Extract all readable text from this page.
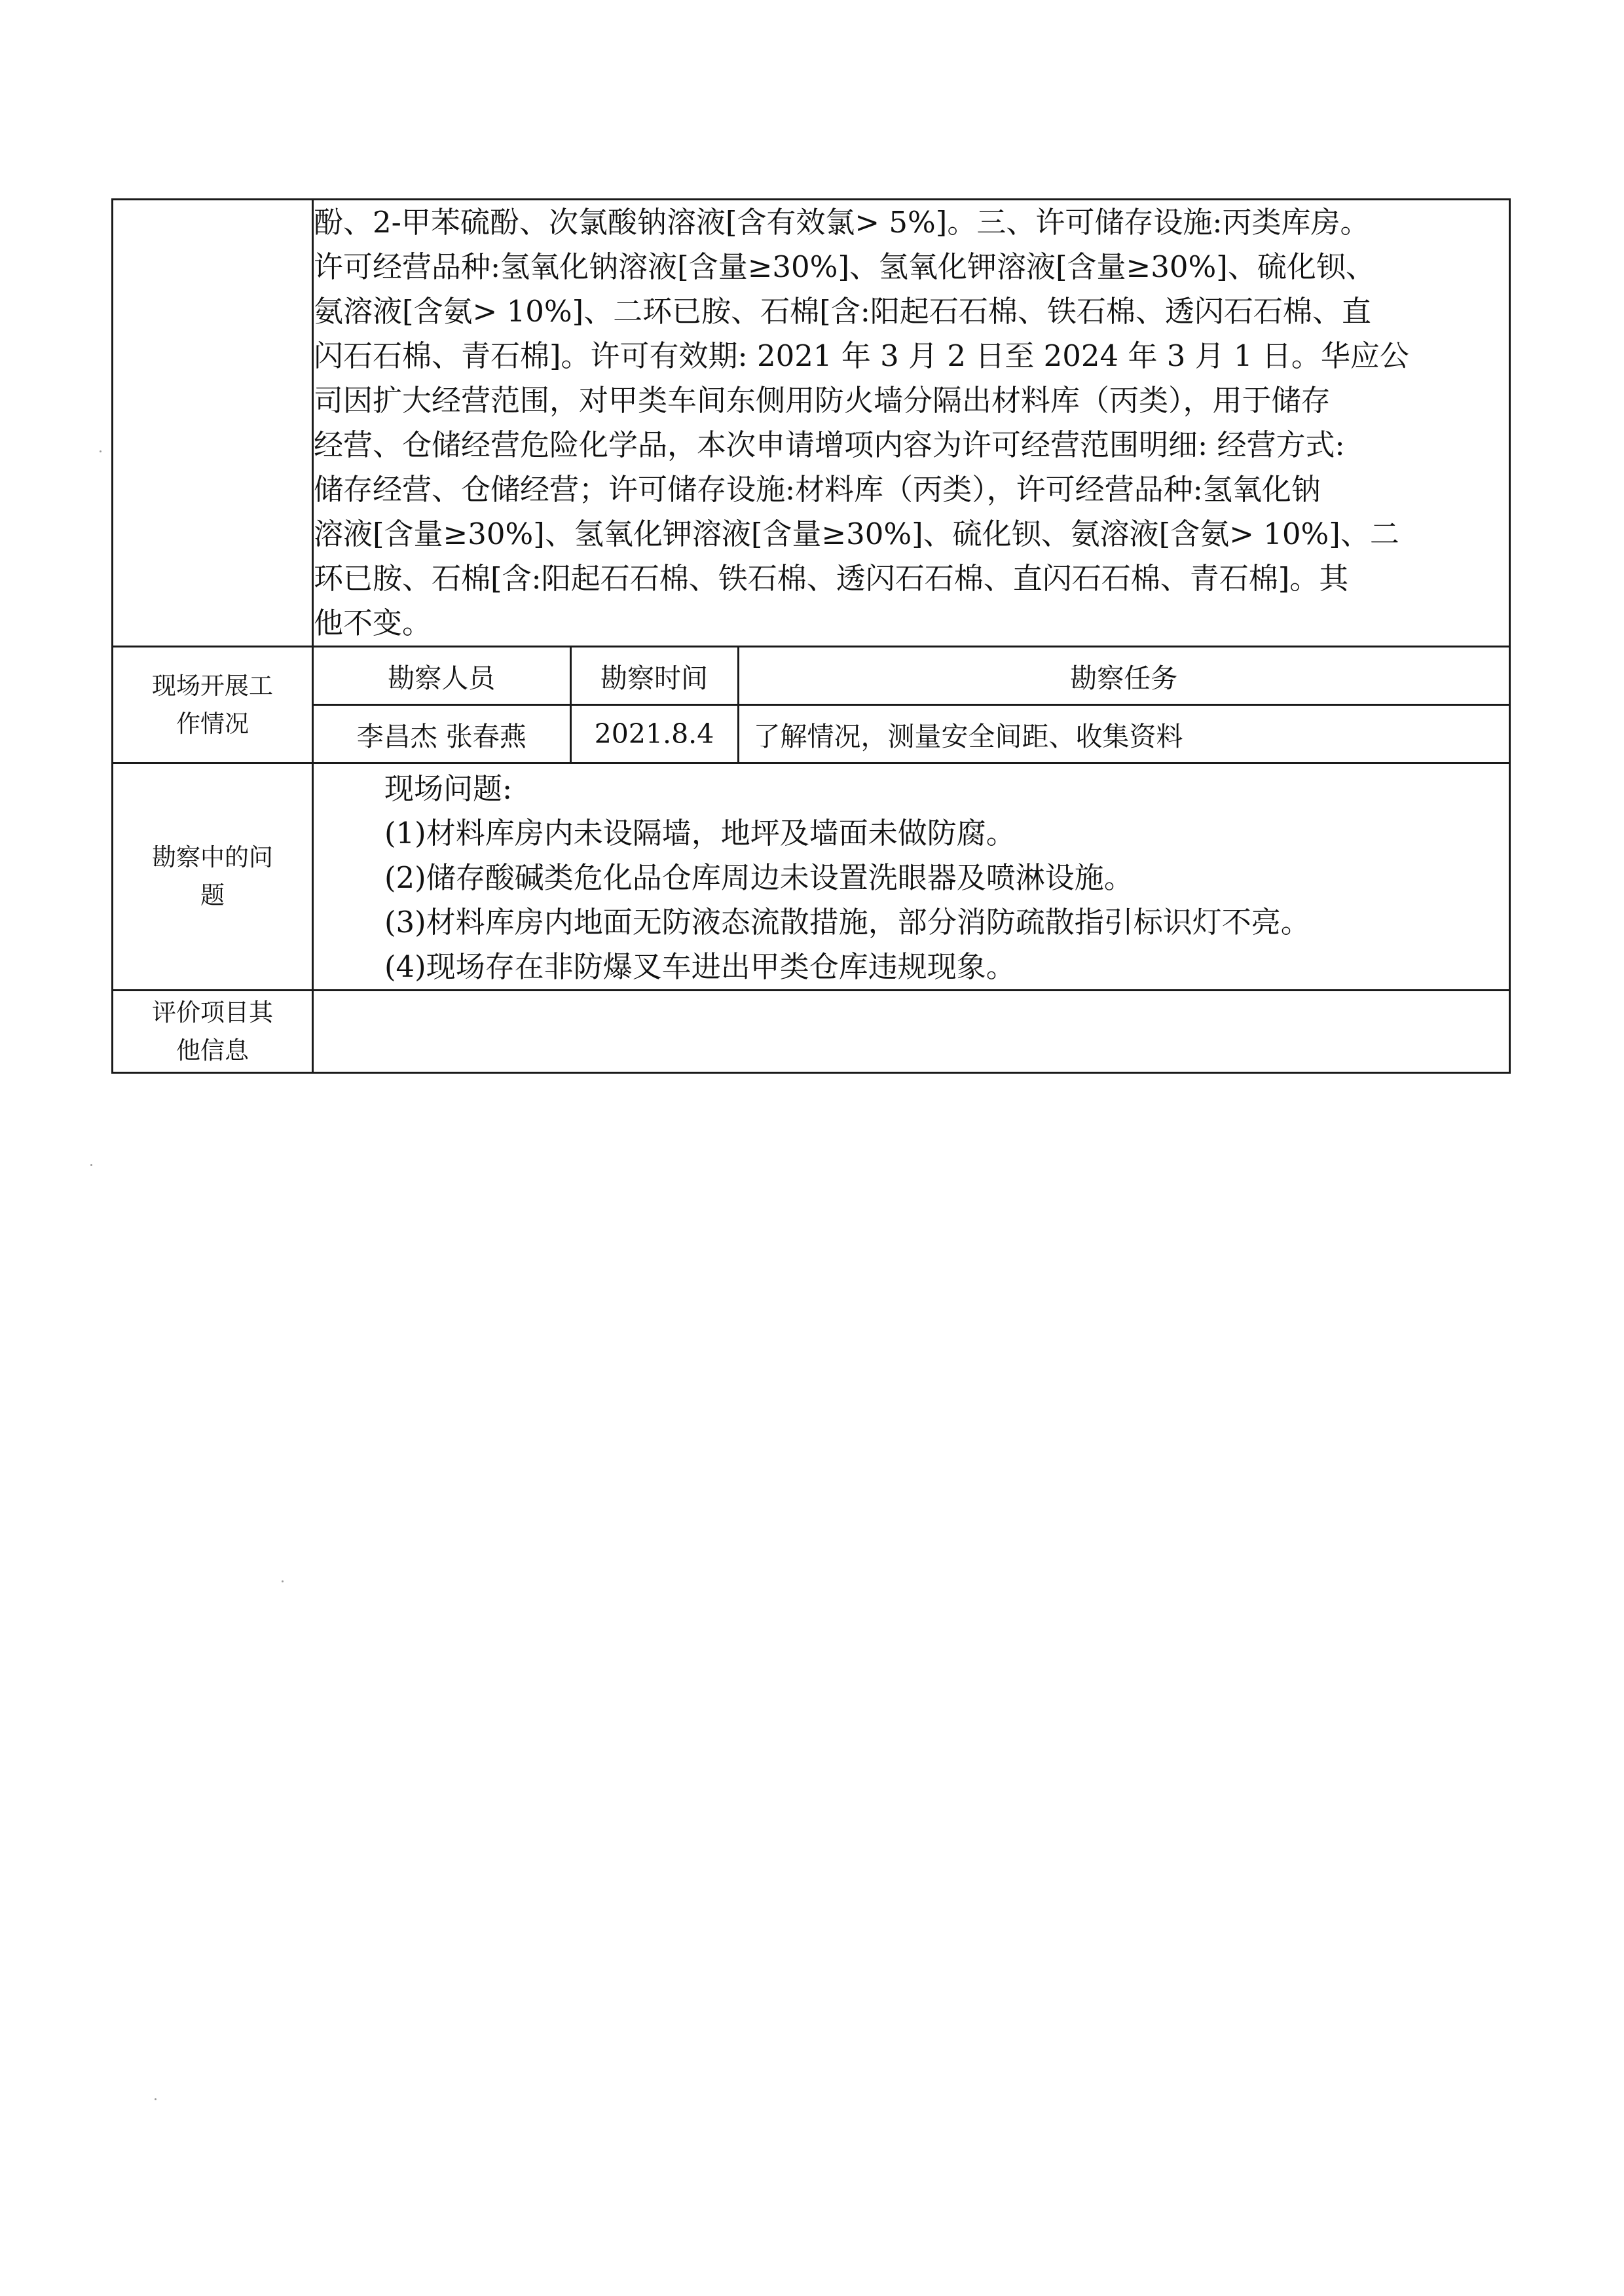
酚、2-甲苯硫酚、次氯酸钠溶液[含有效氯> 5%]。三、许可储存设施:丙类库房。
许可经营品种:氢氧化钠溶液[含量≥30%]、氢氧化钾溶液[含量≥30%]、硫化钡、
氨溶液[含氨> 10%]、二环已胺、石棉[含:阳起石石棉、铁石棉、透闪石石棉、直
闪石石棉、青石棉]。许可有效期: 2021 年 3 月 2 日至 2024 年 3 月 1 日。华应公
司因扩大经营范围，对甲类车间东侧用防火墙分隔出材料库（丙类），用于储存
经营、仓储经营危险化学品，本次申请增项内容为许可经营范围明细: 经营方式:
储存经营、仓储经营；许可储存设施:材料库（丙类），许可经营品种:氢氧化钠
溶液[含量≥30%]、氢氧化钾溶液[含量≥30%]、硫化钡、氨溶液[含氨> 10%]、二
环已胺、石棉[含:阳起石石棉、铁石棉、透闪石石棉、直闪石石棉、青石棉]。其
他不变。

现场开展工
作情况

勘察人员	勘察时间	勘察任务
李昌杰 张春燕	2021.8.4	了解情况，测量安全间距、收集资料

勘察中的问
题

现场问题:
(1)材料库房内未设隔墙，地坪及墙面未做防腐。
(2)储存酸碱类危化品仓库周边未设置洗眼器及喷淋设施。
(3)材料库房内地面无防液态流散措施，部分消防疏散指引标识灯不亮。
(4)现场存在非防爆叉车进出甲类仓库违规现象。

评价项目其
他信息
